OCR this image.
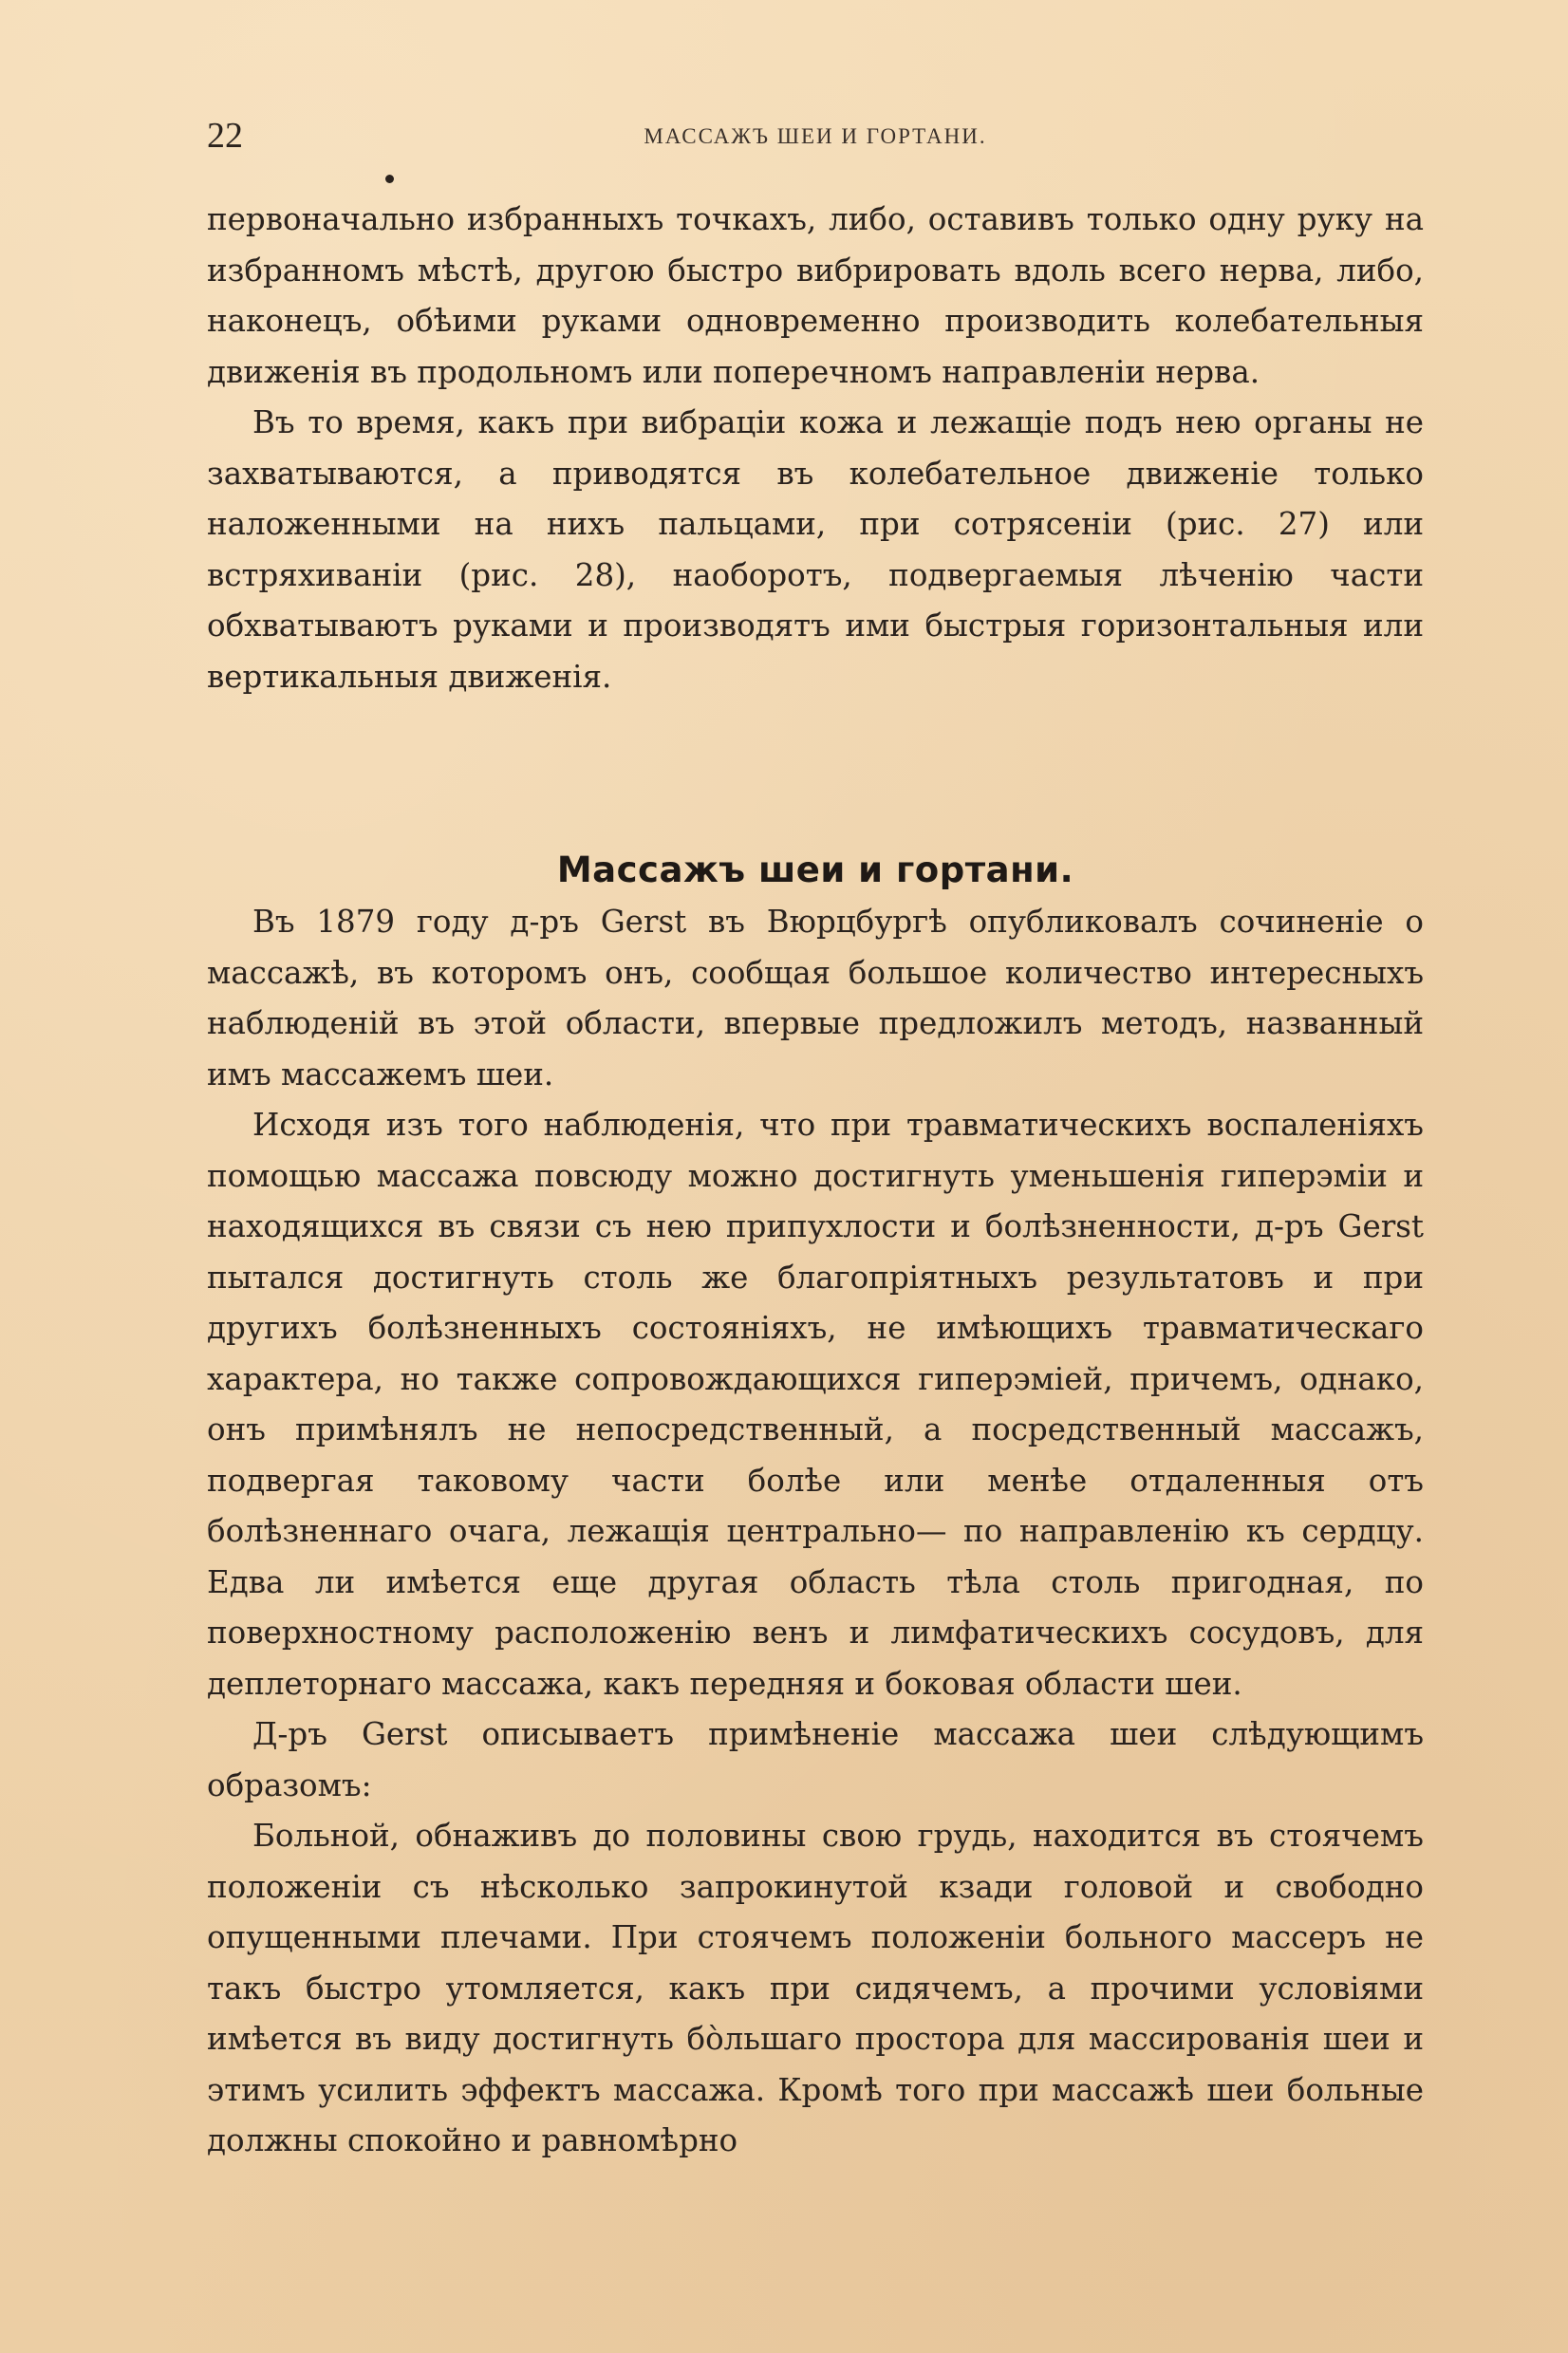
22	МАССАЖЪ ШЕИ И ГОРТАНИ.

первоначально избранныхъ точкахъ, либо, оставивъ только одну руку на избранномъ мѣстѣ, другою быстро вибрировать вдоль всего нерва, либо, наконецъ, обѣими руками одновременно производить колебательныя движенія въ продольномъ или поперечномъ направленіи нерва.

Въ то время, какъ при вибраціи кожа и лежащіе подъ нею органы не захватываются, а приводятся въ колебательное движеніе только наложенными на нихъ пальцами, при сотрясеніи (рис. 27) или встряхиваніи (рис. 28), наоборотъ, подвергаемыя лѣченію части обхватываютъ руками и производятъ ими быстрыя горизонтальныя или вертикальныя движенія.

Массажъ шеи и гортани.

Въ 1879 году д-ръ Gerst въ Вюрцбургѣ опубликовалъ сочиненіе о массажѣ, въ которомъ онъ, сообщая большое количество интересныхъ наблюденій въ этой области, впервые предложилъ методъ, названный имъ массажемъ шеи.

Исходя изъ того наблюденія, что при травматическихъ воспаленіяхъ помощью массажа повсюду можно достигнуть уменьшенія гиперэміи и находящихся въ связи съ нею припухлости и болѣзненности, д-ръ Gerst пытался достигнуть столь же благопріятныхъ результатовъ и при другихъ болѣзненныхъ состояніяхъ, не имѣющихъ травматическаго характера, но также сопровождающихся гиперэміей, причемъ, однако, онъ примѣнялъ не непосредственный, а посредственный массажъ, подвергая таковому части болѣе или менѣе отдаленныя отъ болѣзненнаго очага, лежащія центрально— по направленію къ сердцу. Едва ли имѣется еще другая область тѣла столь пригодная, по поверхностному расположенію венъ и лимфатическихъ сосудовъ, для деплеторнаго массажа, какъ передняя и боковая области шеи.

Д-ръ Gerst описываетъ примѣненіе массажа шеи слѣдующимъ образомъ:

Больной, обнаживъ до половины свою грудь, находится въ стоячемъ положеніи съ нѣсколько запрокинутой кзади головой и свободно опущенными плечами. При стоячемъ положеніи больного массеръ не такъ быстро утомляется, какъ при сидячемъ, а прочими условіями имѣется въ виду достигнуть бо̀льшаго простора для массированія шеи и этимъ усилить эффектъ массажа. Кромѣ того при массажѣ шеи больные должны спокойно и равномѣрно
